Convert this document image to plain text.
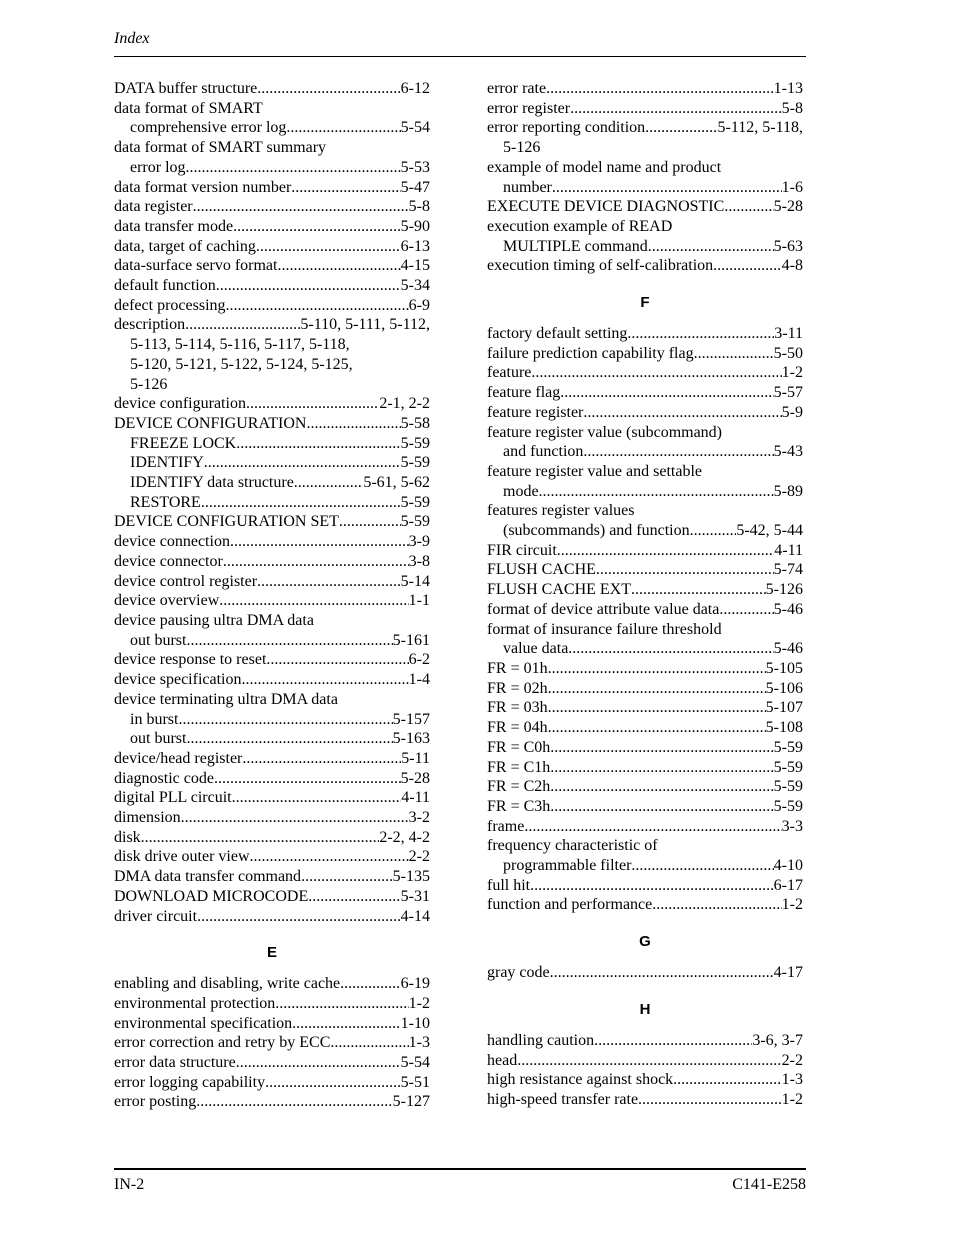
Index
DATA buffer structure .....	6-12
data format of SMART
comprehensive error log .....	5-54
data format of SMART summary
error log .....	5-53
data format version number .....	5-47
data register .....	5-8
data transfer mode .....	5-90
data, target of caching .....	6-13
data-surface servo format .....	4-15
default function .....	5-34
defect processing .....	6-9
description .....	5-110, 5-111, 5-112,
5-113, 5-114, 5-116, 5-117, 5-118,
5-120, 5-121, 5-122, 5-124, 5-125,
5-126
device configuration .....	2-1, 2-2
DEVICE CONFIGURATION .....	5-58
FREEZE LOCK .....	5-59
IDENTIFY .....	5-59
IDENTIFY data structure .....	5-61, 5-62
RESTORE .....	5-59
DEVICE CONFIGURATION SET .....	5-59
device connection .....	3-9
device connector .....	3-8
device control register .....	5-14
device overview .....	1-1
device pausing ultra DMA data
out burst .....	5-161
device response to reset .....	6-2
device specification .....	1-4
device terminating ultra DMA data
in burst .....	5-157
out burst .....	5-163
device/head register .....	5-11
diagnostic code .....	5-28
digital PLL circuit .....	4-11
dimension .....	3-2
disk .....	2-2, 4-2
disk drive outer view .....	2-2
DMA data transfer command .....	5-135
DOWNLOAD MICROCODE .....	5-31
driver circuit .....	4-14
E
enabling and disabling, write cache .....	6-19
environmental protection .....	1-2
environmental specification .....	1-10
error correction and retry by ECC .....	1-3
error data structure .....	5-54
error logging capability .....	5-51
error posting .....	5-127
error rate .....	1-13
error register .....	5-8
error reporting condition .....	5-112, 5-118,
5-126
example of model name and product
number .....	1-6
EXECUTE DEVICE DIAGNOSTIC .....	5-28
execution example of READ
MULTIPLE command .....	5-63
execution timing of self-calibration .....	4-8
F
factory default setting .....	3-11
failure prediction capability flag .....	5-50
feature .....	1-2
feature flag .....	5-57
feature register .....	5-9
feature register value (subcommand)
and function .....	5-43
feature register value and settable
mode .....	5-89
features register values
(subcommands) and function .....	5-42, 5-44
FIR circuit .....	4-11
FLUSH CACHE .....	5-74
FLUSH CACHE EXT .....	5-126
format of device attribute value data .....	5-46
format of insurance failure threshold
value data .....	5-46
FR = 01h .....	5-105
FR = 02h .....	5-106
FR = 03h .....	5-107
FR = 04h .....	5-108
FR = C0h .....	5-59
FR = C1h .....	5-59
FR = C2h .....	5-59
FR = C3h .....	5-59
frame .....	3-3
frequency characteristic of
programmable filter .....	4-10
full hit .....	6-17
function and performance .....	1-2
G
gray code .....	4-17
H
handling caution .....	3-6, 3-7
head .....	2-2
high resistance against shock .....	1-3
high-speed transfer rate .....	1-2
IN-2	C141-E258
